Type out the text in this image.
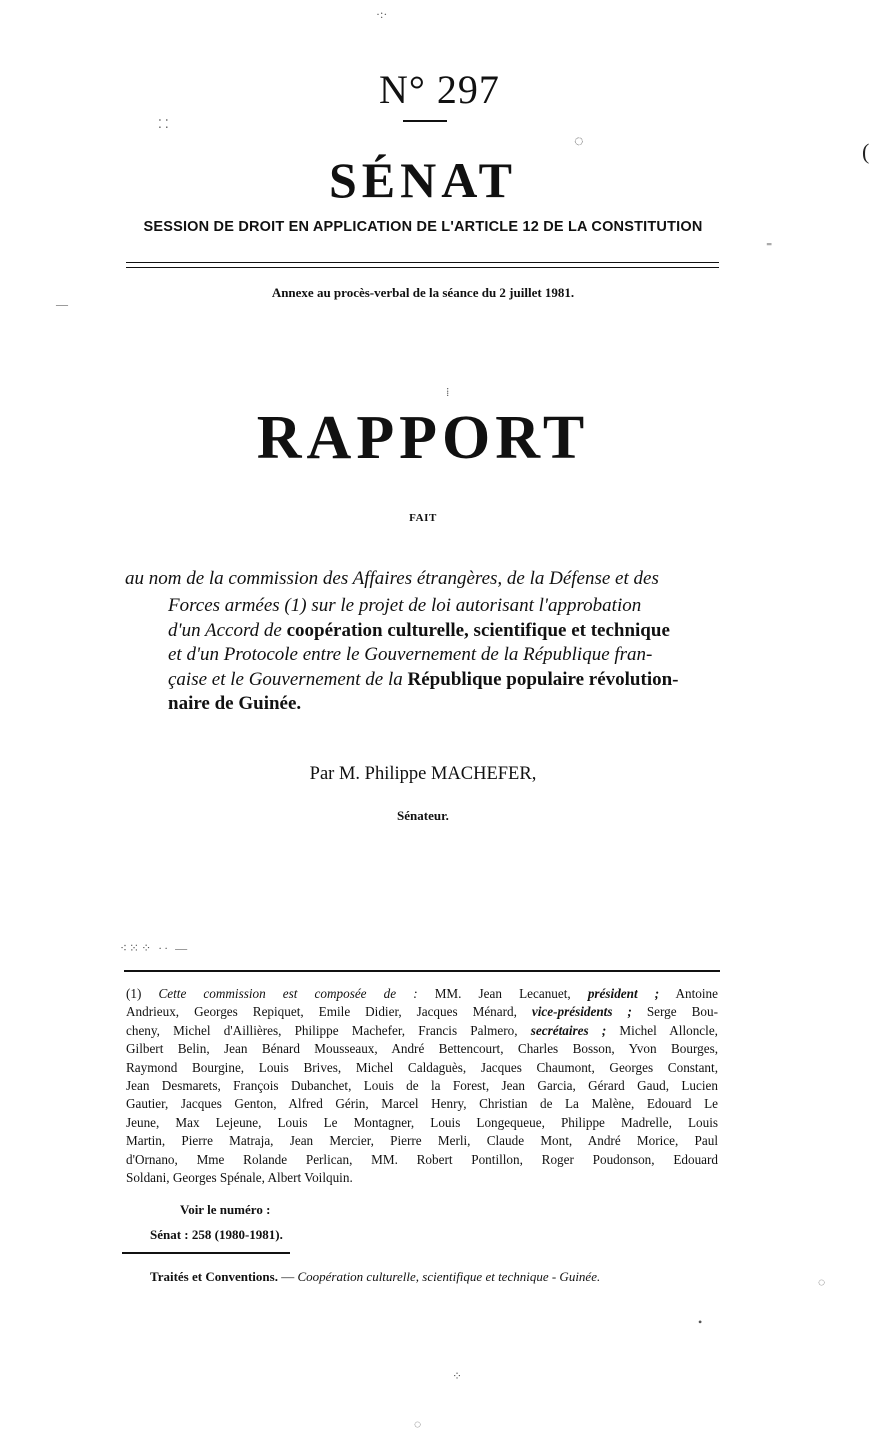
N° 297
SÉNAT
SESSION DE DROIT EN APPLICATION DE L'ARTICLE 12 DE LA CONSTITUTION
Annexe au procès-verbal de la séance du 2 juillet 1981.
RAPPORT
FAIT
au nom de la commission des Affaires étrangères, de la Défense et des
Forces armées (1) sur le projet de loi autorisant l'approbation
d'un Accord de coopération culturelle, scientifique et technique
et d'un Protocole entre le Gouvernement de la République fran-
çaise et le Gouvernement de la République populaire révolution-
naire de Guinée.
Par M. Philippe MACHEFER,
Sénateur.
⁖⁙⁘ ·· —
(1) Cette commission est composée de : MM. Jean Lecanuet, président ; Antoine
Andrieux, Georges Repiquet, Emile Didier, Jacques Ménard, vice-présidents ; Serge Bou-
cheny, Michel d'Aillières, Philippe Machefer, Francis Palmero, secrétaires ; Michel Alloncle,
Gilbert Belin, Jean Bénard Mousseaux, André Bettencourt, Charles Bosson, Yvon Bourges,
Raymond Bourgine, Louis Brives, Michel Caldaguès, Jacques Chaumont, Georges Constant,
Jean Desmarets, François Dubanchet, Louis de la Forest, Jean Garcia, Gérard Gaud, Lucien
Gautier, Jacques Genton, Alfred Gérin, Marcel Henry, Christian de La Malène, Edouard Le
Jeune, Max Lejeune, Louis Le Montagner, Louis Longequeue, Philippe Madrelle, Louis
Martin, Pierre Matraja, Jean Mercier, Pierre Merli, Claude Mont, André Morice, Paul
d'Ornano, Mme Rolande Perlican, MM. Robert Pontillon, Roger Poudonson, Edouard
Soldani, Georges Spénale, Albert Voilquin.
Voir le numéro :
Sénat : 258 (1980-1981).
Traités et Conventions. — Coopération culturelle, scientifique et technique - Guinée.
·:·
⁚ ⁚
◌	(
⁼
––
⁞
◌
•
⁘
◌
